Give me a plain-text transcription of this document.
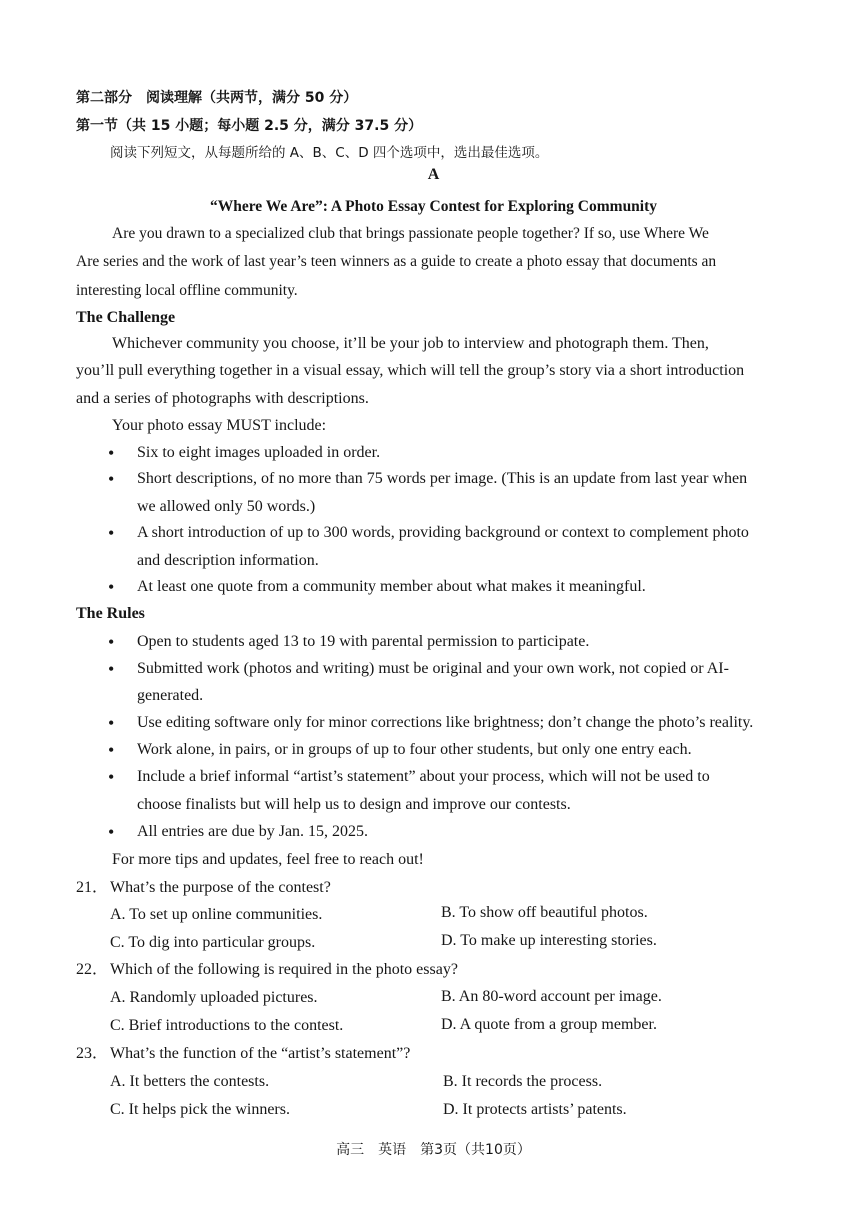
第二部分　阅读理解（共两节，满分 50 分）
第一节（共 15 小题；每小题 2.5 分，满分 37.5 分）
阅读下列短文，从每题所给的 A、B、C、D 四个选项中，选出最佳选项。
A
“Where We Are”: A Photo Essay Contest for Exploring Community
Are you drawn to a specialized club that brings passionate people together? If so, use Where We
Are series and the work of last year’s teen winners as a guide to create a photo essay that documents an
interesting local offline community.
The Challenge
Whichever community you choose, it’ll be your job to interview and photograph them. Then,
you’ll pull everything together in a visual essay, which will tell the group’s story via a short introduction
and a series of photographs with descriptions.
Your photo essay MUST include:
• Six to eight images uploaded in order.
• Short descriptions, of no more than 75 words per image. (This is an update from last year when
we allowed only 50 words.)
• A short introduction of up to 300 words, providing background or context to complement photo
and description information.
• At least one quote from a community member about what makes it meaningful.
The Rules
• Open to students aged 13 to 19 with parental permission to participate.
• Submitted work (photos and writing) must be original and your own work, not copied or AI-
generated.
• Use editing software only for minor corrections like brightness; don’t change the photo’s reality.
• Work alone, in pairs, or in groups of up to four other students, but only one entry each.
• Include a brief informal “artist’s statement” about your process, which will not be used to
choose finalists but will help us to design and improve our contests.
• All entries are due by Jan. 15, 2025.
For more tips and updates, feel free to reach out!
21． What’s the purpose of the contest?
A. To set up online communities.	B. To show off beautiful photos.
C. To dig into particular groups.	D. To make up interesting stories.
22． Which of the following is required in the photo essay?
A. Randomly uploaded pictures.	B. An 80-word account per image.
C. Brief introductions to the contest.	D. A quote from a group member.
23． What’s the function of the “artist’s statement”?
A. It betters the contests.	B. It records the process.
C. It helps pick the winners.	D. It protects artists’ patents.
高三　英语　第3页（共10页）
